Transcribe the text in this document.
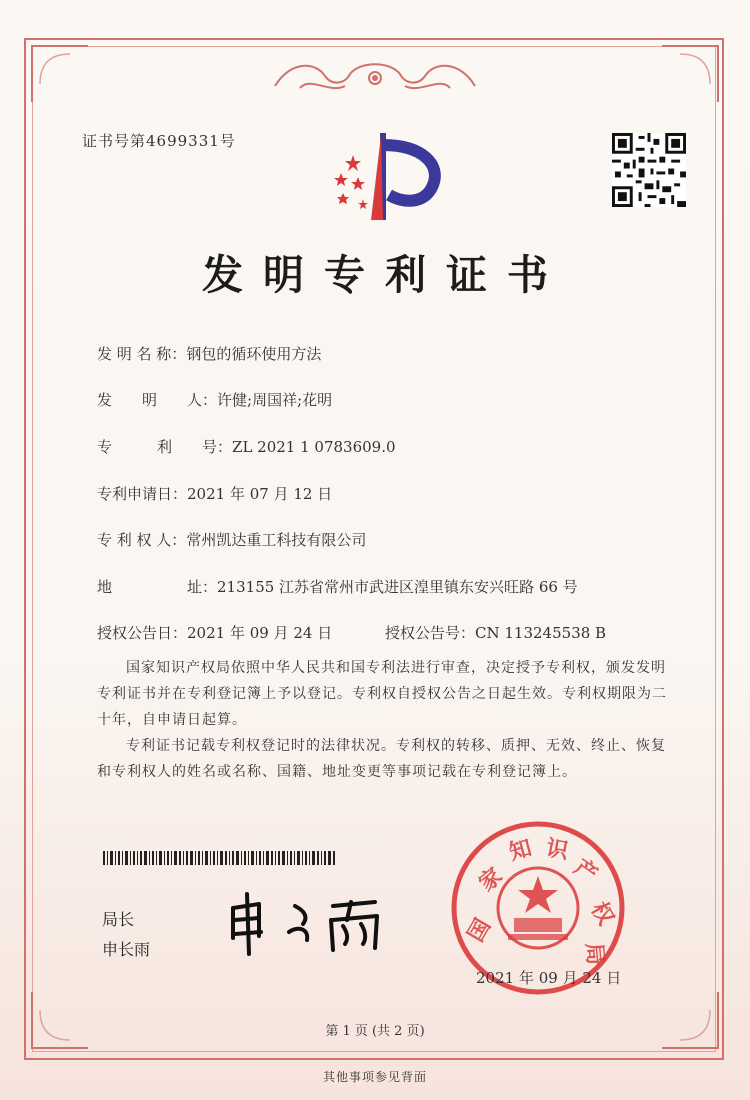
证书号第4699331号
发明专利证书
发 明 名 称：钢包的循环使用方法
发　　明　　人：许健;周国祥;花明
专　　　利　　号：ZL 2021 1 0783609.0
专利申请日：2021 年 07 月 12 日
专 利 权 人：常州凯达重工科技有限公司
地　　　　　址：213155 江苏省常州市武进区湟里镇东安兴旺路 66 号
授权公告日：2021 年 09 月 24 日	授权公告号：CN 113245538 B
国家知识产权局依照中华人民共和国专利法进行审查，决定授予专利权，颁发发明专利证书并在专利登记簿上予以登记。专利权自授权公告之日起生效。专利权期限为二十年，自申请日起算。
专利证书记载专利权登记时的法律状况。专利权的转移、质押、无效、终止、恢复和专利权人的姓名或名称、国籍、地址变更等事项记载在专利登记簿上。
局长
申长雨
国
家
知 识
产
权
局
2021 年 09 月 24 日
第 1 页 (共 2 页)
其他事项参见背面
